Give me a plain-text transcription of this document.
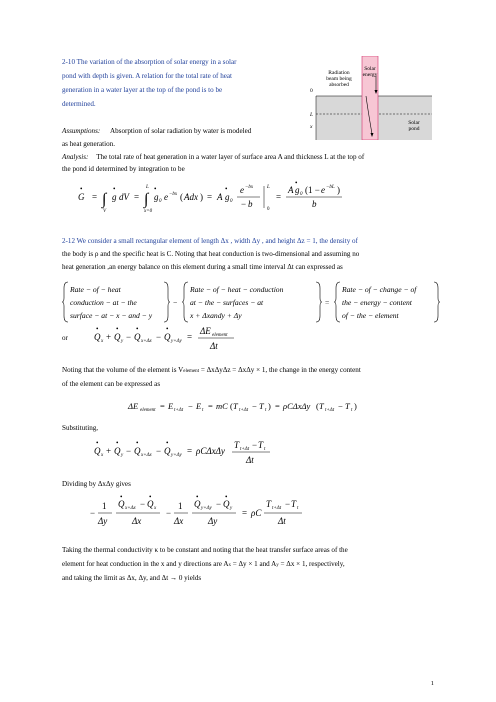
2-10 The variation of the absorption of solar energy in a solar
pond with depth is given. A relation for the total rate of heat
generation in a water layer at the top of the pond is to be
determined.
Radiation
beam being
absorbed
Solar
energy
0
L
x
Solar
pond
Assumptions: Absorption of solar radiation by water is modeled
as heat generation.
Analysis: The total rate of heat generation in a water layer of surface area A and thickness L at the top of
the pond id determined by integration to be
G
•
= ∫
V
g
•
dV = ∫
L
x=0
g
•
0 e −bx ( Adx ) = A g
•
0
e −bx
− b
L
0
=
A g
•
0 (1 − e −bL )
b
2-12 We consider a small rectangular element of length Δx , width Δy , and height Δz = 1, the density of
the body is ρ and the specific heat is C. Noting that heat conduction is two-dimensional and assuming no
heat generation ,an energy balance on this element during a small time interval Δt can expressed as
Rate − of − heat
conduction − at − the
surface − at − x − and − y
−
Rate − of − heat − conduction
at − the − surfaces − at
x + Δxandy + Δy
=
Rate − of − change − of
the − energy − content
of − the − element
or	Q
•
x + Q
•
y − Q
•
x+Δx − Q
•
y+Δy =
ΔE element
Δt
Noting that the volume of the element is Velement = ΔxΔyΔz = ΔxΔy × 1, the change in the energy content
of the element can be expressed as
ΔE element = E t+Δt − E t = mC ( T t+Δt − T t ) = ρCΔxΔy ( T t+Δt − T t )
Substituting,
Q
•
x + Q
•
y − Q
•
x+Δx − Q
•
y+Δy = ρCΔxΔy
T t+Δt − T t
Δt
Dividing by ΔxΔy gives
−
1
Δy
Q
•
x+Δx − Q
•
x
Δx
−
1
Δx
Q
•
y+Δy − Q
•
y
Δy
= ρC
T t+Δt − T t
Δt
Taking the thermal conductivity κ to be constant and noting that the heat transfer surface areas of the
element for heat conduction in the x and y directions are Ax = Δy × 1 and Ay = Δx × 1, respectively,
and taking the limit as Δx, Δy, and Δt → 0 yields
1
